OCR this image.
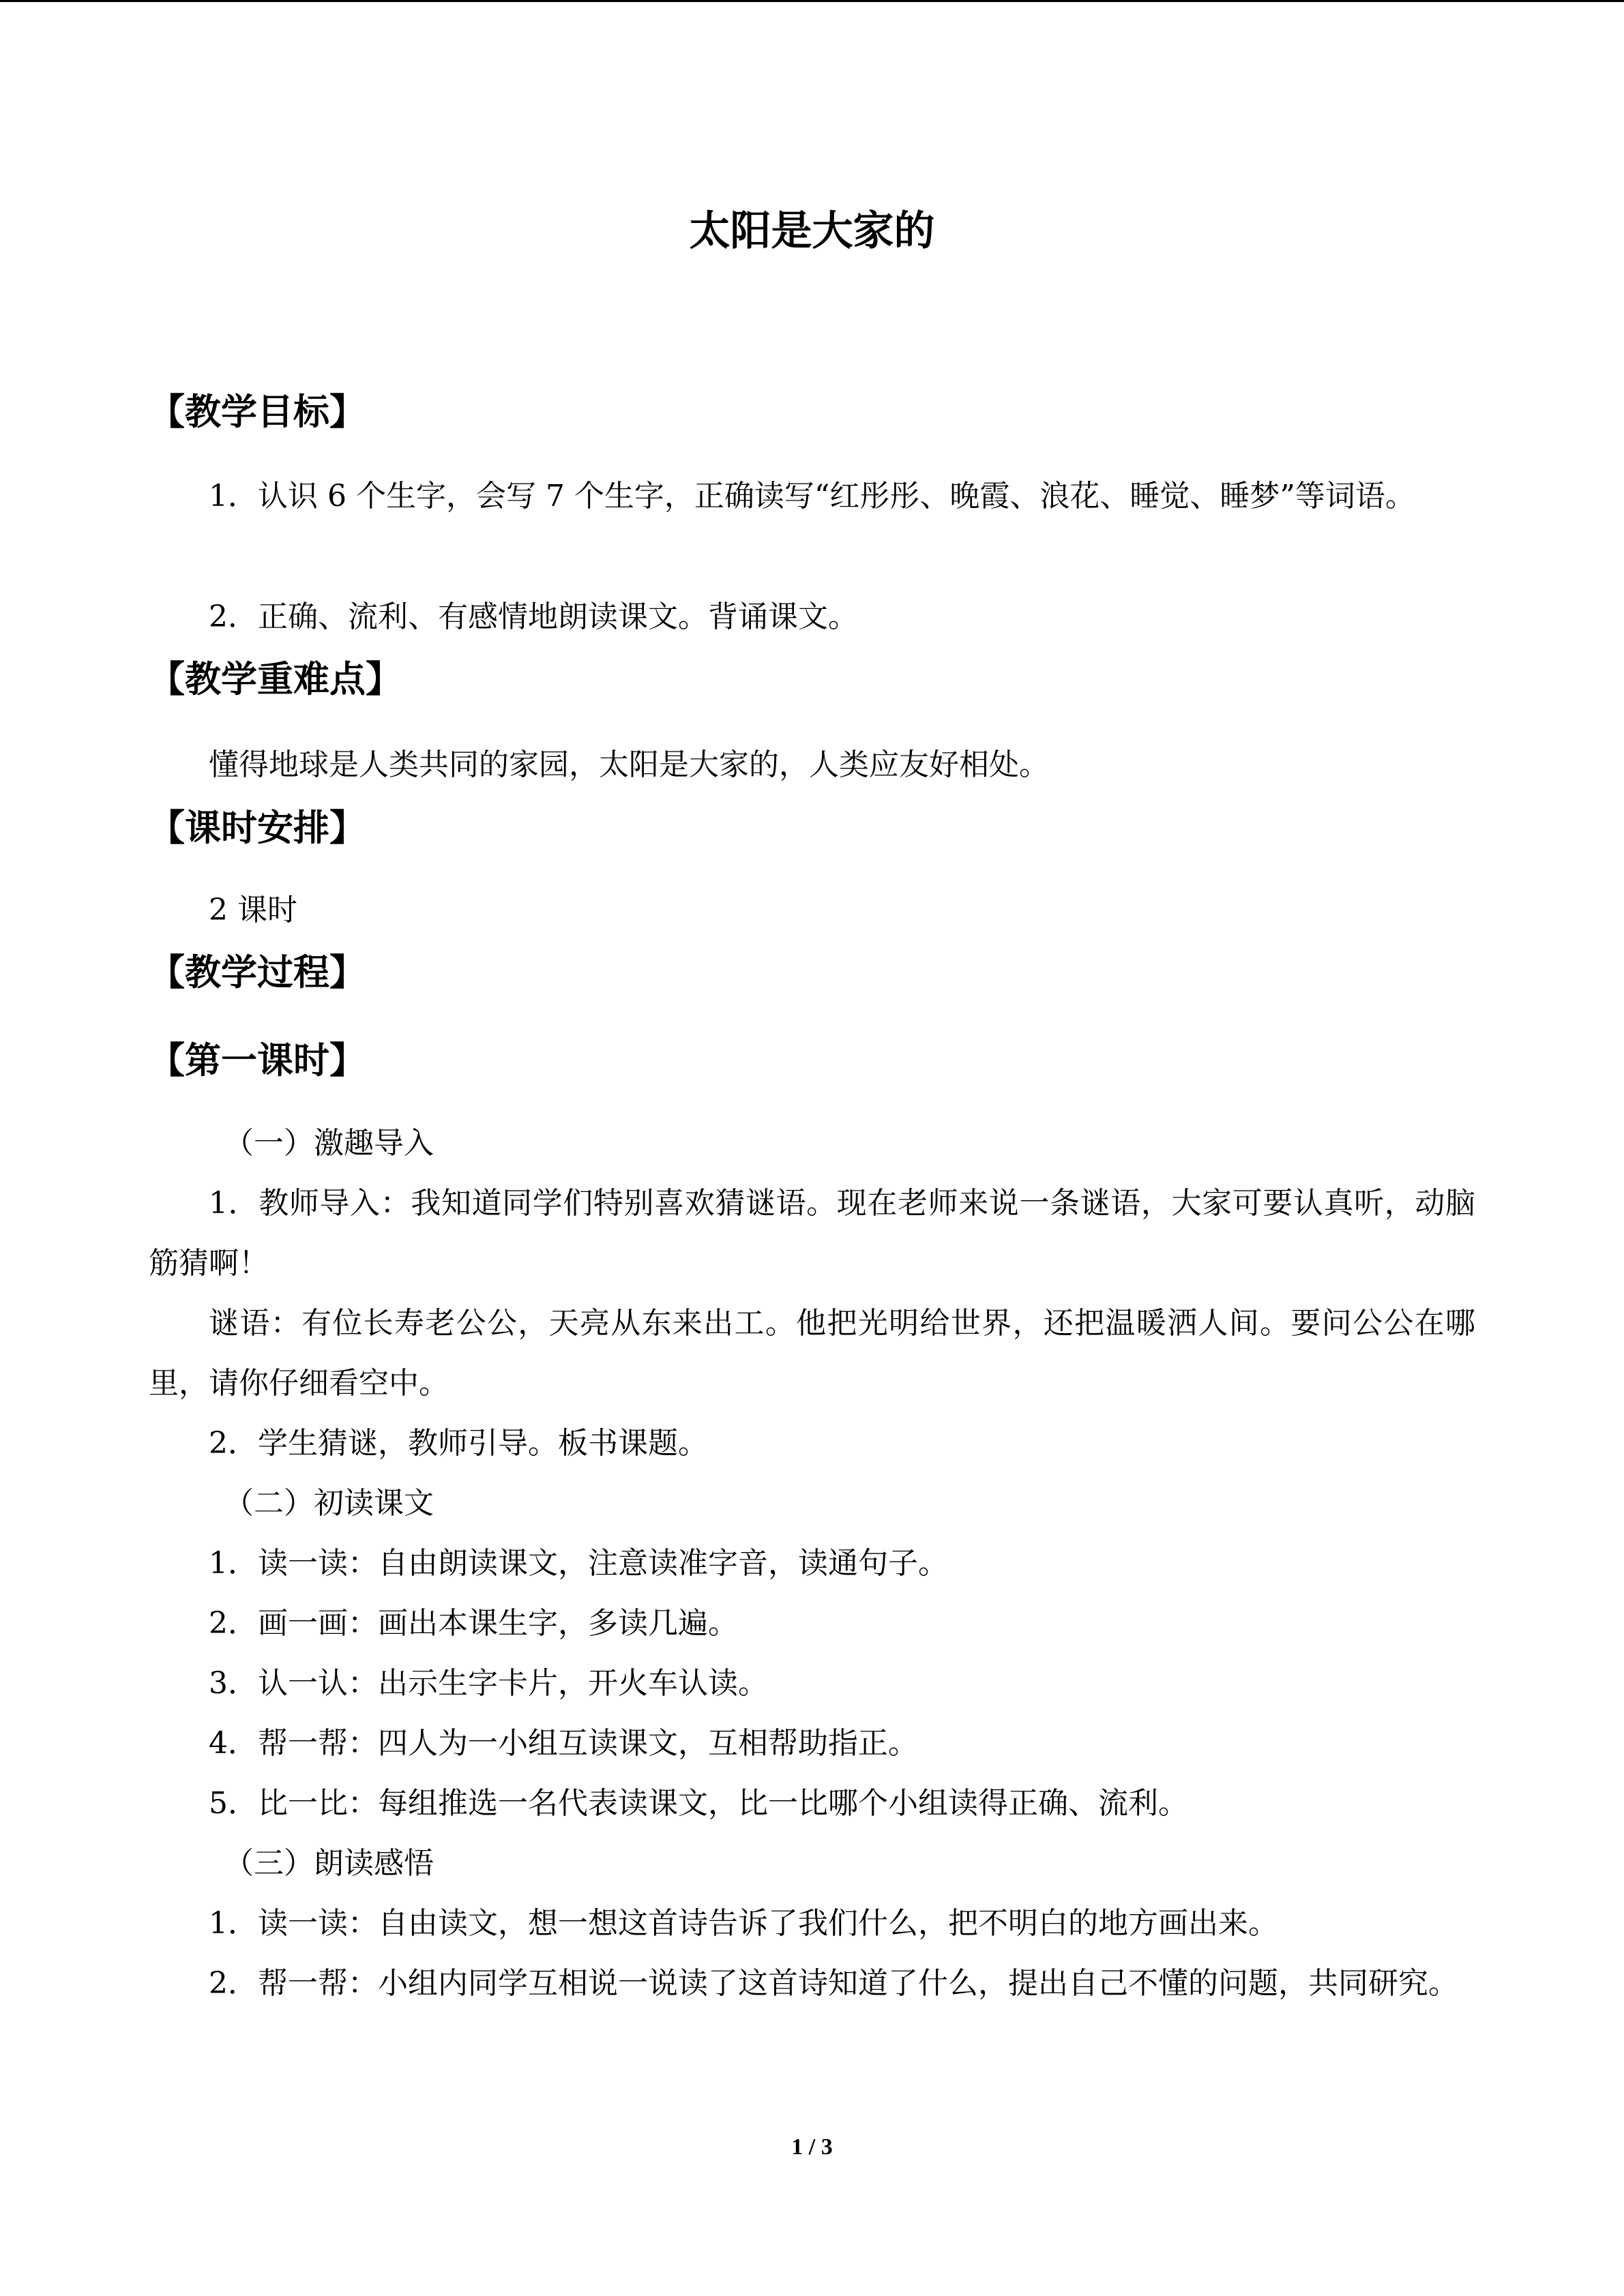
太阳是大家的
【教学目标】
1．认识 6 个生字，会写 7 个生字，正确读写“红彤彤、晚霞、浪花、睡觉、睡梦”等词语。
2．正确、流利、有感情地朗读课文。背诵课文。
【教学重难点】
懂得地球是人类共同的家园，太阳是大家的，人类应友好相处。
【课时安排】
2 课时
【教学过程】
【第一课时】
（一）激趣导入
1．教师导入：我知道同学们特别喜欢猜谜语。现在老师来说一条谜语，大家可要认真听，动脑筋猜啊！
谜语：有位长寿老公公，天亮从东来出工。他把光明给世界，还把温暖洒人间。要问公公在哪里，请你仔细看空中。
2．学生猜谜，教师引导。板书课题。
（二）初读课文
1．读一读：自由朗读课文，注意读准字音，读通句子。
2．画一画：画出本课生字，多读几遍。
3．认一认：出示生字卡片，开火车认读。
4．帮一帮：四人为一小组互读课文，互相帮助指正。
5．比一比：每组推选一名代表读课文，比一比哪个小组读得正确、流利。
（三）朗读感悟
1．读一读：自由读文，想一想这首诗告诉了我们什么，把不明白的地方画出来。
2．帮一帮：小组内同学互相说一说读了这首诗知道了什么，提出自己不懂的问题，共同研究。
1 / 3
